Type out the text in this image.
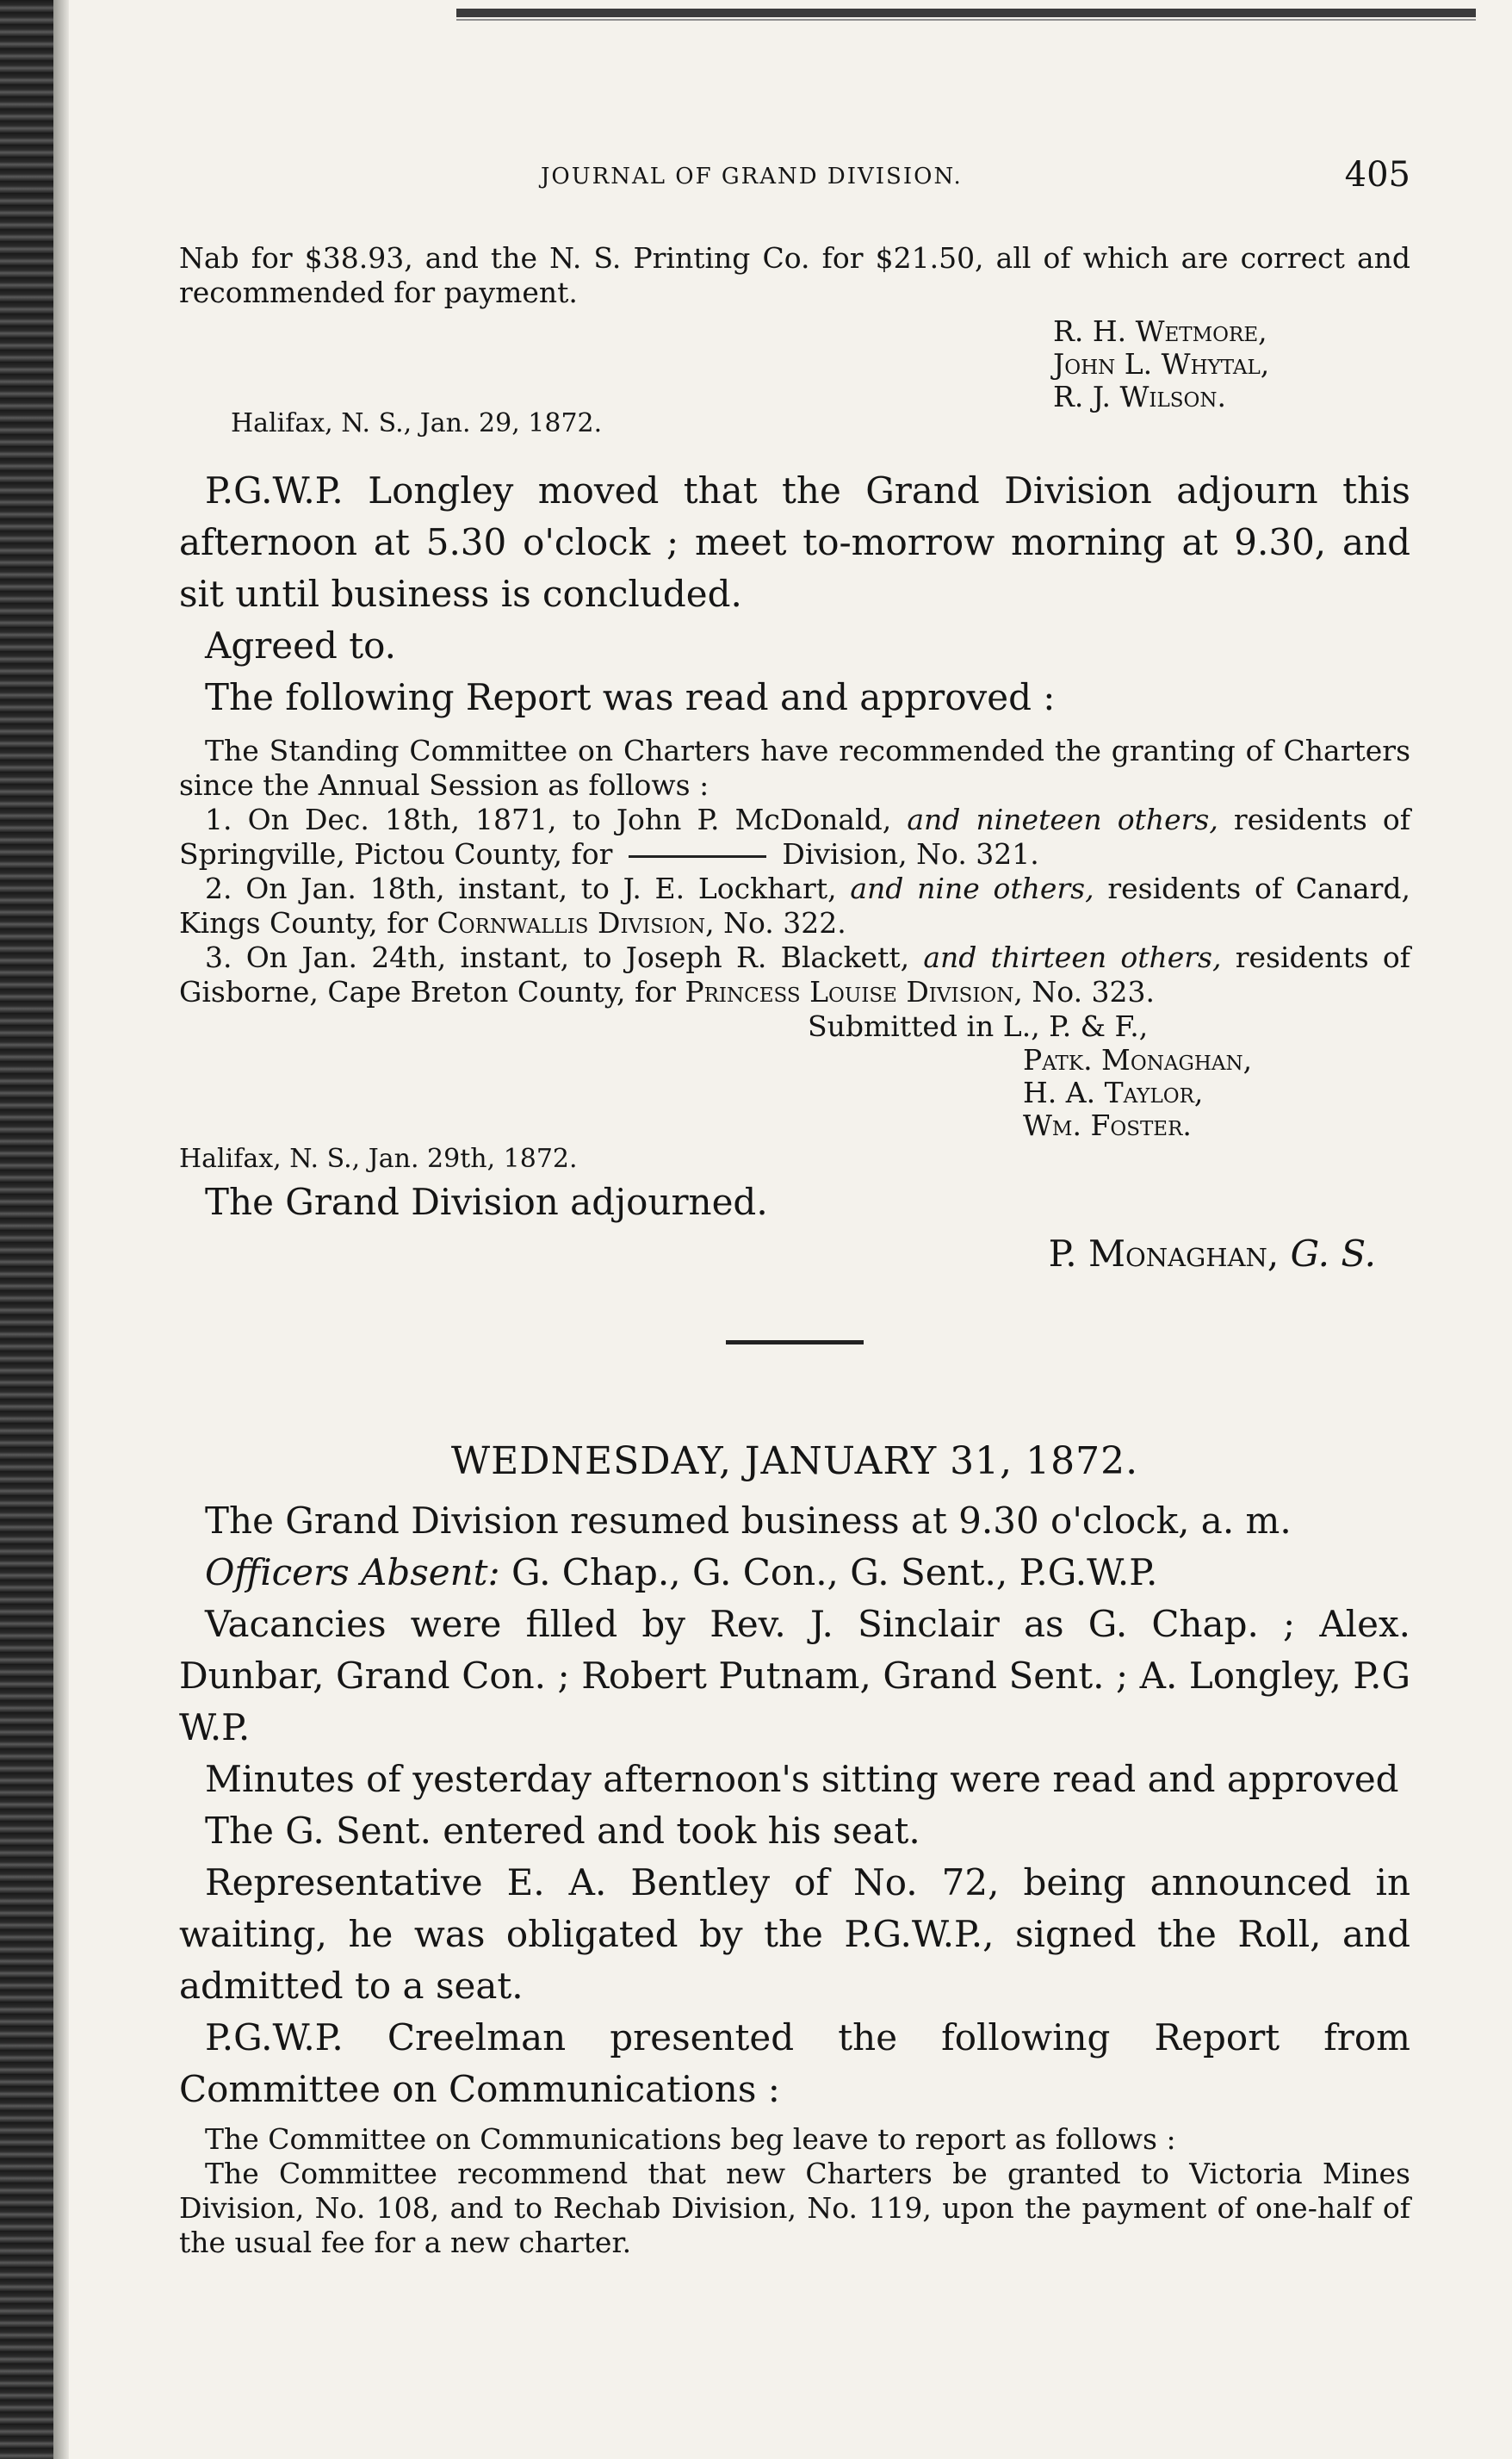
JOURNAL OF GRAND DIVISION.	405

Nab for $38.93, and the N. S. Printing Co. for $21.50, all of which are correct and recommended for payment.

R. H. Wetmore,
John L. Whytal,
R. J. Wilson.

Halifax, N. S., Jan. 29, 1872.

P.G.W.P. Longley moved that the Grand Division adjourn this afternoon at 5.30 o'clock ; meet to-morrow morning at 9.30, and sit until business is concluded.

Agreed to.

The following Report was read and approved :

The Standing Committee on Charters have recommended the granting of Charters since the Annual Session as follows :

1. On Dec. 18th, 1871, to John P. McDonald, and nineteen others, residents of Springville, Pictou County, for	Division, No. 321.

2. On Jan. 18th, instant, to J. E. Lockhart, and nine others, residents of Canard, Kings County, for Cornwallis Division, No. 322.

3. On Jan. 24th, instant, to Joseph R. Blackett, and thirteen others, residents of Gisborne, Cape Breton County, for Princess Louise Division, No. 323.

Submitted in L., P. & F.,

Patk. Monaghan,
H. A. Taylor,
Wm. Foster.

Halifax, N. S., Jan. 29th, 1872.

The Grand Division adjourned.

P. Monaghan, G. S.

WEDNESDAY, JANUARY 31, 1872.

The Grand Division resumed business at 9.30 o'clock, a. m.

Officers Absent: G. Chap., G. Con., G. Sent., P.G.W.P.

Vacancies were filled by Rev. J. Sinclair as G. Chap. ; Alex. Dunbar, Grand Con. ; Robert Putnam, Grand Sent. ; A. Longley, P.G W.P.

Minutes of yesterday afternoon's sitting were read and approved

The G. Sent. entered and took his seat.

Representative E. A. Bentley of No. 72, being announced in waiting, he was obligated by the P.G.W.P., signed the Roll, and admitted to a seat.

P.G.W.P. Creelman presented the following Report from Committee on Communications :

The Committee on Communications beg leave to report as follows :

The Committee recommend that new Charters be granted to Victoria Mines Division, No. 108, and to Rechab Division, No. 119, upon the payment of one-half of the usual fee for a new charter.
